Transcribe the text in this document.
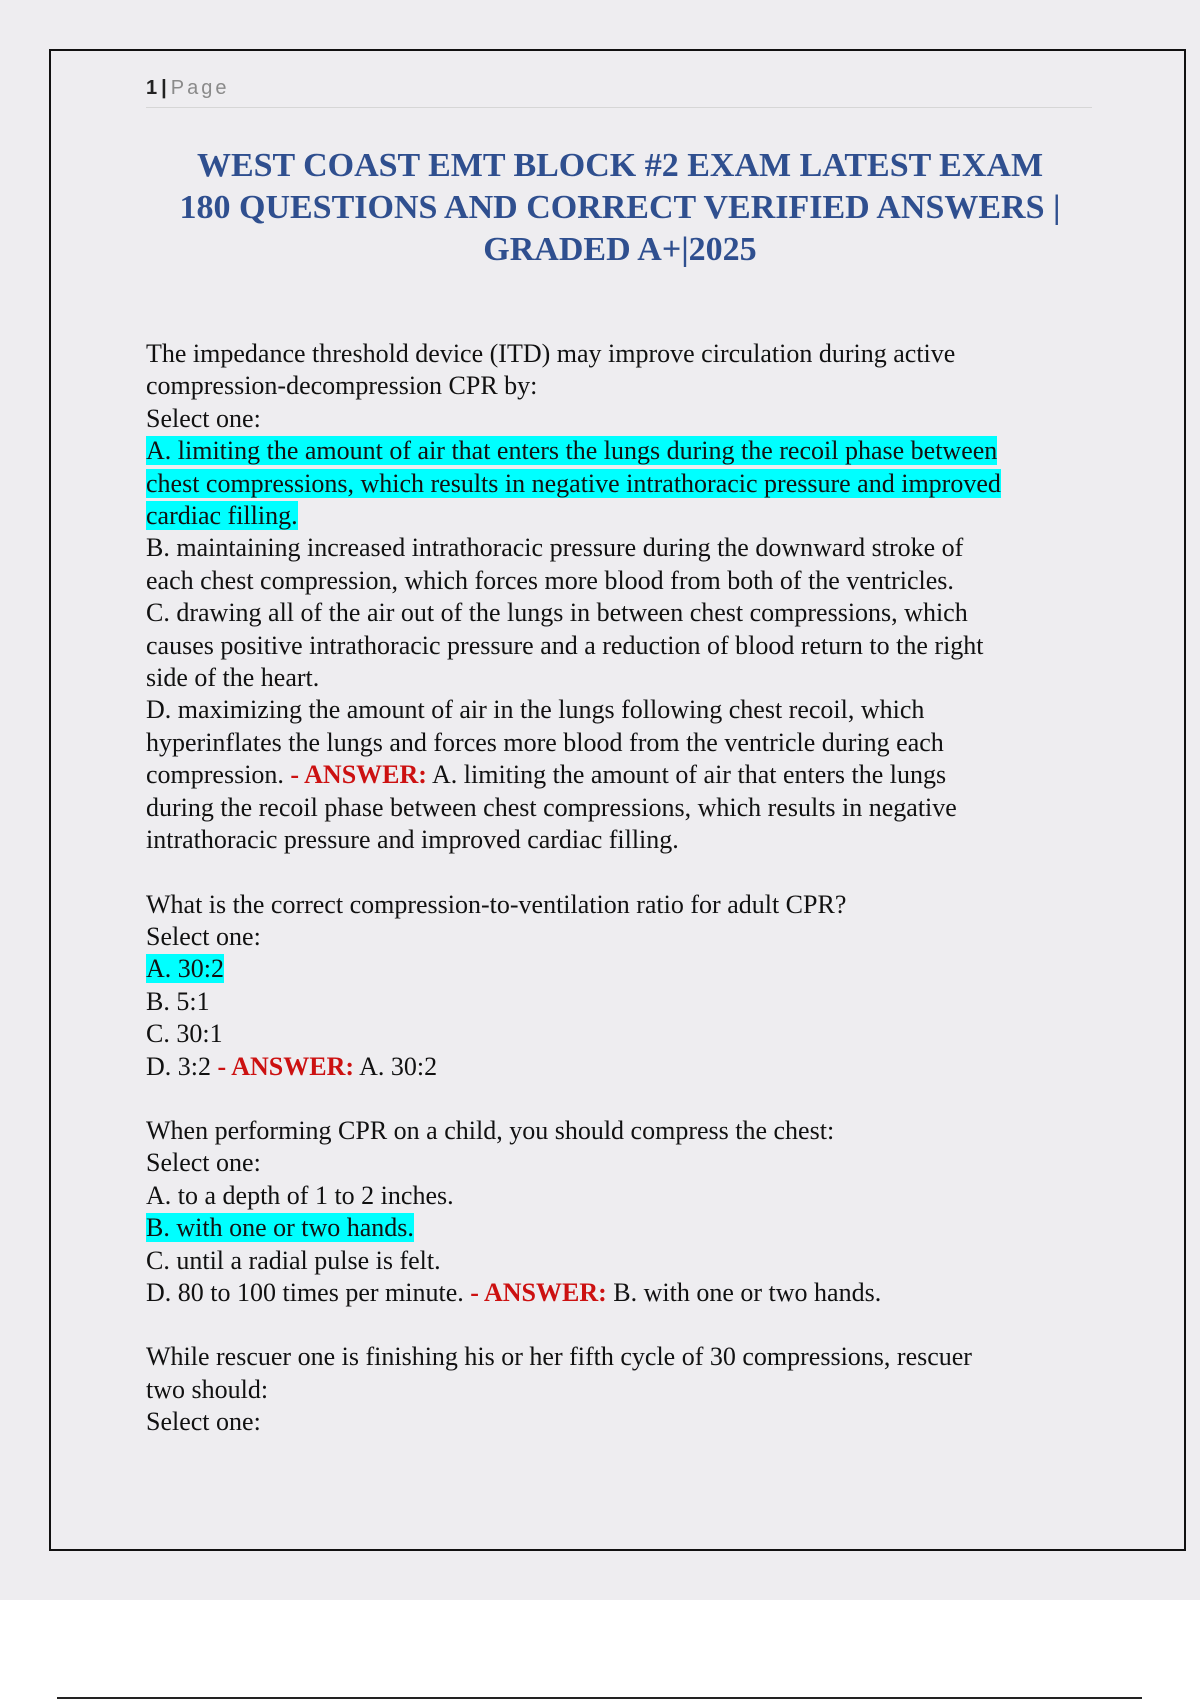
1 | Page
WEST COAST EMT BLOCK #2 EXAM LATEST EXAM
180 QUESTIONS AND CORRECT VERIFIED ANSWERS |
GRADED A+|2025
The impedance threshold device (ITD) may improve circulation during active
compression-decompression CPR by:
Select one:
A. limiting the amount of air that enters the lungs during the recoil phase between
chest compressions, which results in negative intrathoracic pressure and improved
cardiac filling.
B. maintaining increased intrathoracic pressure during the downward stroke of
each chest compression, which forces more blood from both of the ventricles.
C. drawing all of the air out of the lungs in between chest compressions, which
causes positive intrathoracic pressure and a reduction of blood return to the right
side of the heart.
D. maximizing the amount of air in the lungs following chest recoil, which
hyperinflates the lungs and forces more blood from the ventricle during each
compression. - ANSWER: A. limiting the amount of air that enters the lungs
during the recoil phase between chest compressions, which results in negative
intrathoracic pressure and improved cardiac filling.
What is the correct compression-to-ventilation ratio for adult CPR?
Select one:
A. 30:2
B. 5:1
C. 30:1
D. 3:2 - ANSWER: A. 30:2
When performing CPR on a child, you should compress the chest:
Select one:
A. to a depth of 1 to 2 inches.
B. with one or two hands.
C. until a radial pulse is felt.
D. 80 to 100 times per minute. - ANSWER: B. with one or two hands.
While rescuer one is finishing his or her fifth cycle of 30 compressions, rescuer
two should:
Select one:
